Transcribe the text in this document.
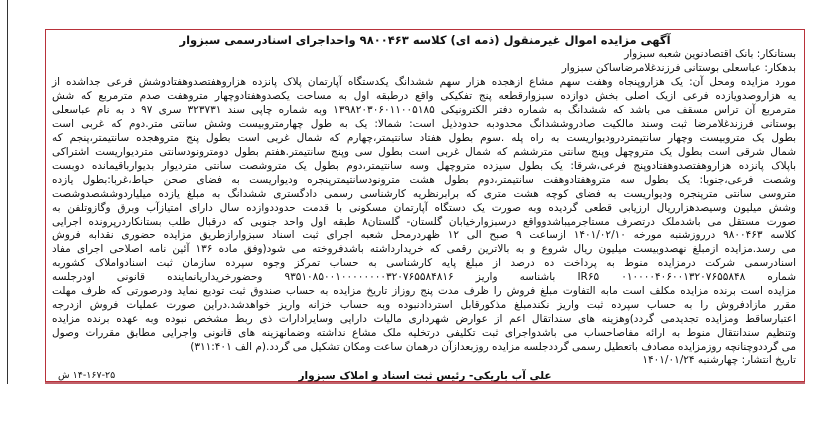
آگهی مزایده اموال غیرمنقول (ذمه ای) کلاسه ۹۸۰۰۴۶۳ واحداجرای اسنادرسمی سبزوار
بستانکار: بانک اقتصادنوین شعبه سبزوار
بدهکار: عباسعلی بوستانی فرزندغلامرضاساکن سبزوار
مورد مزایده ومحل آن: یک هزاروپنجاه وهفت سهم مشاع ازهجده هزار سهم ششدانگ یکدستگاه آپارتمان پلاک پانزده هزاروهفتصدوهفتادوشش فرعی جداشده از
یه هزاروصدویازده فرعی ازیک اصلی بخش دوازده سبزوارقطعه پنج تفکیکی واقع درطبقه اول به مساحت یکصدوهفتادوچهار متروهفت صدم مترمربع که شش
مترمربع آن تراس مسقف می باشد که ششدانگ به شماره دفتر الکترونیکی ۱۳۹۸۲۰۳۰۶۰۱۱۰۰۵۱۸۵ وبه شماره چاپی سند ۳۲۳۷۳۱ سری ۹۷ د به نام عباسعلی
بوستانی فرزندغلامرضا ثبت وسند مالکیت صادروششدانگ محدودبه حدودذیل است: شمالا: یک به طول چهارمتروبیست وشش سانتی متر.دوم که غربی است
بطول یک متروبیست وچهار سانتیمتردرودیواریست به راه پله .سوم بطول هفتاد سانتیمتر،چهارم که شمال غربی است بطول پنج متروهجده سانتیمتر،پنجم که
شمال شرقی است بطول یک متروچهل وپنج سانتی مترششم که شمال غربی است بطول سی وپنج سانتیمتر.هفتم بطول دومترونودسانتی متردیواریست اشتراکی
باپلاک پانزده هزاروهفتصدوهفتادوپنج فرعی،شرقا: یک بطول سیزده متروچهل وسه سانتیمتر،دوم بطول یک متروشصت سانتی متردیوار بدیوارباقیمانده دوبست
وشصت فرعی،جنوبا: یک بطول سه متروهفتادوهفت سانتیمتر،دوم بطول هشت مترونودسانتیمترپنجره ودیواریست به فضای صحن حیاط،غربا:بطول یازده
متروسی سانتی مترپنجره ودیواریست به فضای کوچه هشت متری که برابرنظریه کارشناسی رسمی دادگستری ششدانگ به مبلغ یازده میلیاردوششصدوشصت
وشش میلیون وسیصدهزارریال ارزیابی قطعی گردیده وبه صورت یک دستگاه آپارتمان مسکونی با قدمت حدوددوازده سال دارای امتیازآب وبرق وگازوتلفن به
صورت مستقل می باشدملک درتصرف مستاجرمیباشدوواقع درسبزوارخیابان گلستان- گلستان۸ طبقه اول واحد جنوبی که درقبال طلب بستانکاردرپرونده اجرایی
کلاسه ۹۸۰۰۴۶۳ درروزشنبه مورخه ۱۴۰۱/۰۲/۱۰ ازساعت ۹ صبح الی ۱۲ ظهردرمحل شعبه اجرای ثبت اسناد سبزوارازطریق مزایده حضوری نقدابه فروش
می رسد.مزایده ازمبلغ نهصدوبیست میلیون ریال شروع و به بالاترین رقمی که خریدارداشته باشدفروخته می شود(وفق ماده ۱۳۶ آئین نامه اصلاحی اجرای مفاد
اسنادرسمی شرکت درمزایده منوط به پرداخت ده درصد از مبلغ پایه کارشناسی به حساب تمرکز وجوه سپرده سازمان ثبت اسنادواملاک کشوربه
شماره ۰۱۰۰۰۰۴۰۶۰۰۱۳۲۰۷۶۵۵۸۴۸ IR۶۵ باشناسه واریز ۹۳۵۱۰۸۵۰۰۱۰۰۰۰۰۰۰۰۳۲۰۷۶۵۵۸۴۸۱۶ وحضورخریداریانماینده قانونی اودرجلسه
مزایده است برنده مزایده مکلف است مابه التفاوت مبلغ فروش را ظرف مدت پنج روزاز تاریخ مزایده به حساب صندوق ثبت تودیع نماید ودرصورتی که ظرف مهلت
مقرر مازادفروش را به حساب سپرده ثبت واریز نکندمبلغ مذکورقابل استردادنبوده وبه حساب خزانه واریز خواهدشد.دراین صورت عملیات فروش ازدرجه
اعتبارساقط ومزایده تجدیدمی گردد)وهزینه های سنداتقال اعم از عوارض شهرداری مالیات دارایی وسایرادارات ذی ربط مشخص نبوده وبه عهده برنده مزایده
وتنظیم سندانتقال منوط به ارائه مفاصاحساب می باشدواجرای ثبت تکلیفی درتخلیه ملک مشاع نداشته وضمانهزینه های قانونی واجرایی مطابق مقررات وصول
می گرددوچنانچه روزمزایده مصادف باتعطیل رسمی گرددجلسه مزایده روزبعدازآن درهمان ساعت ومکان تشکیل می گردد.(م الف ۳۱۱:۴۰۱)
تاریخ انتشار: چهارشنبه ۱۴۰۱/۰۱/۲۴
علی آب باریکی- رئیس ثبت اسناد و املاک سبزوار
۱۴-۱۶۷-۲۵ ش
